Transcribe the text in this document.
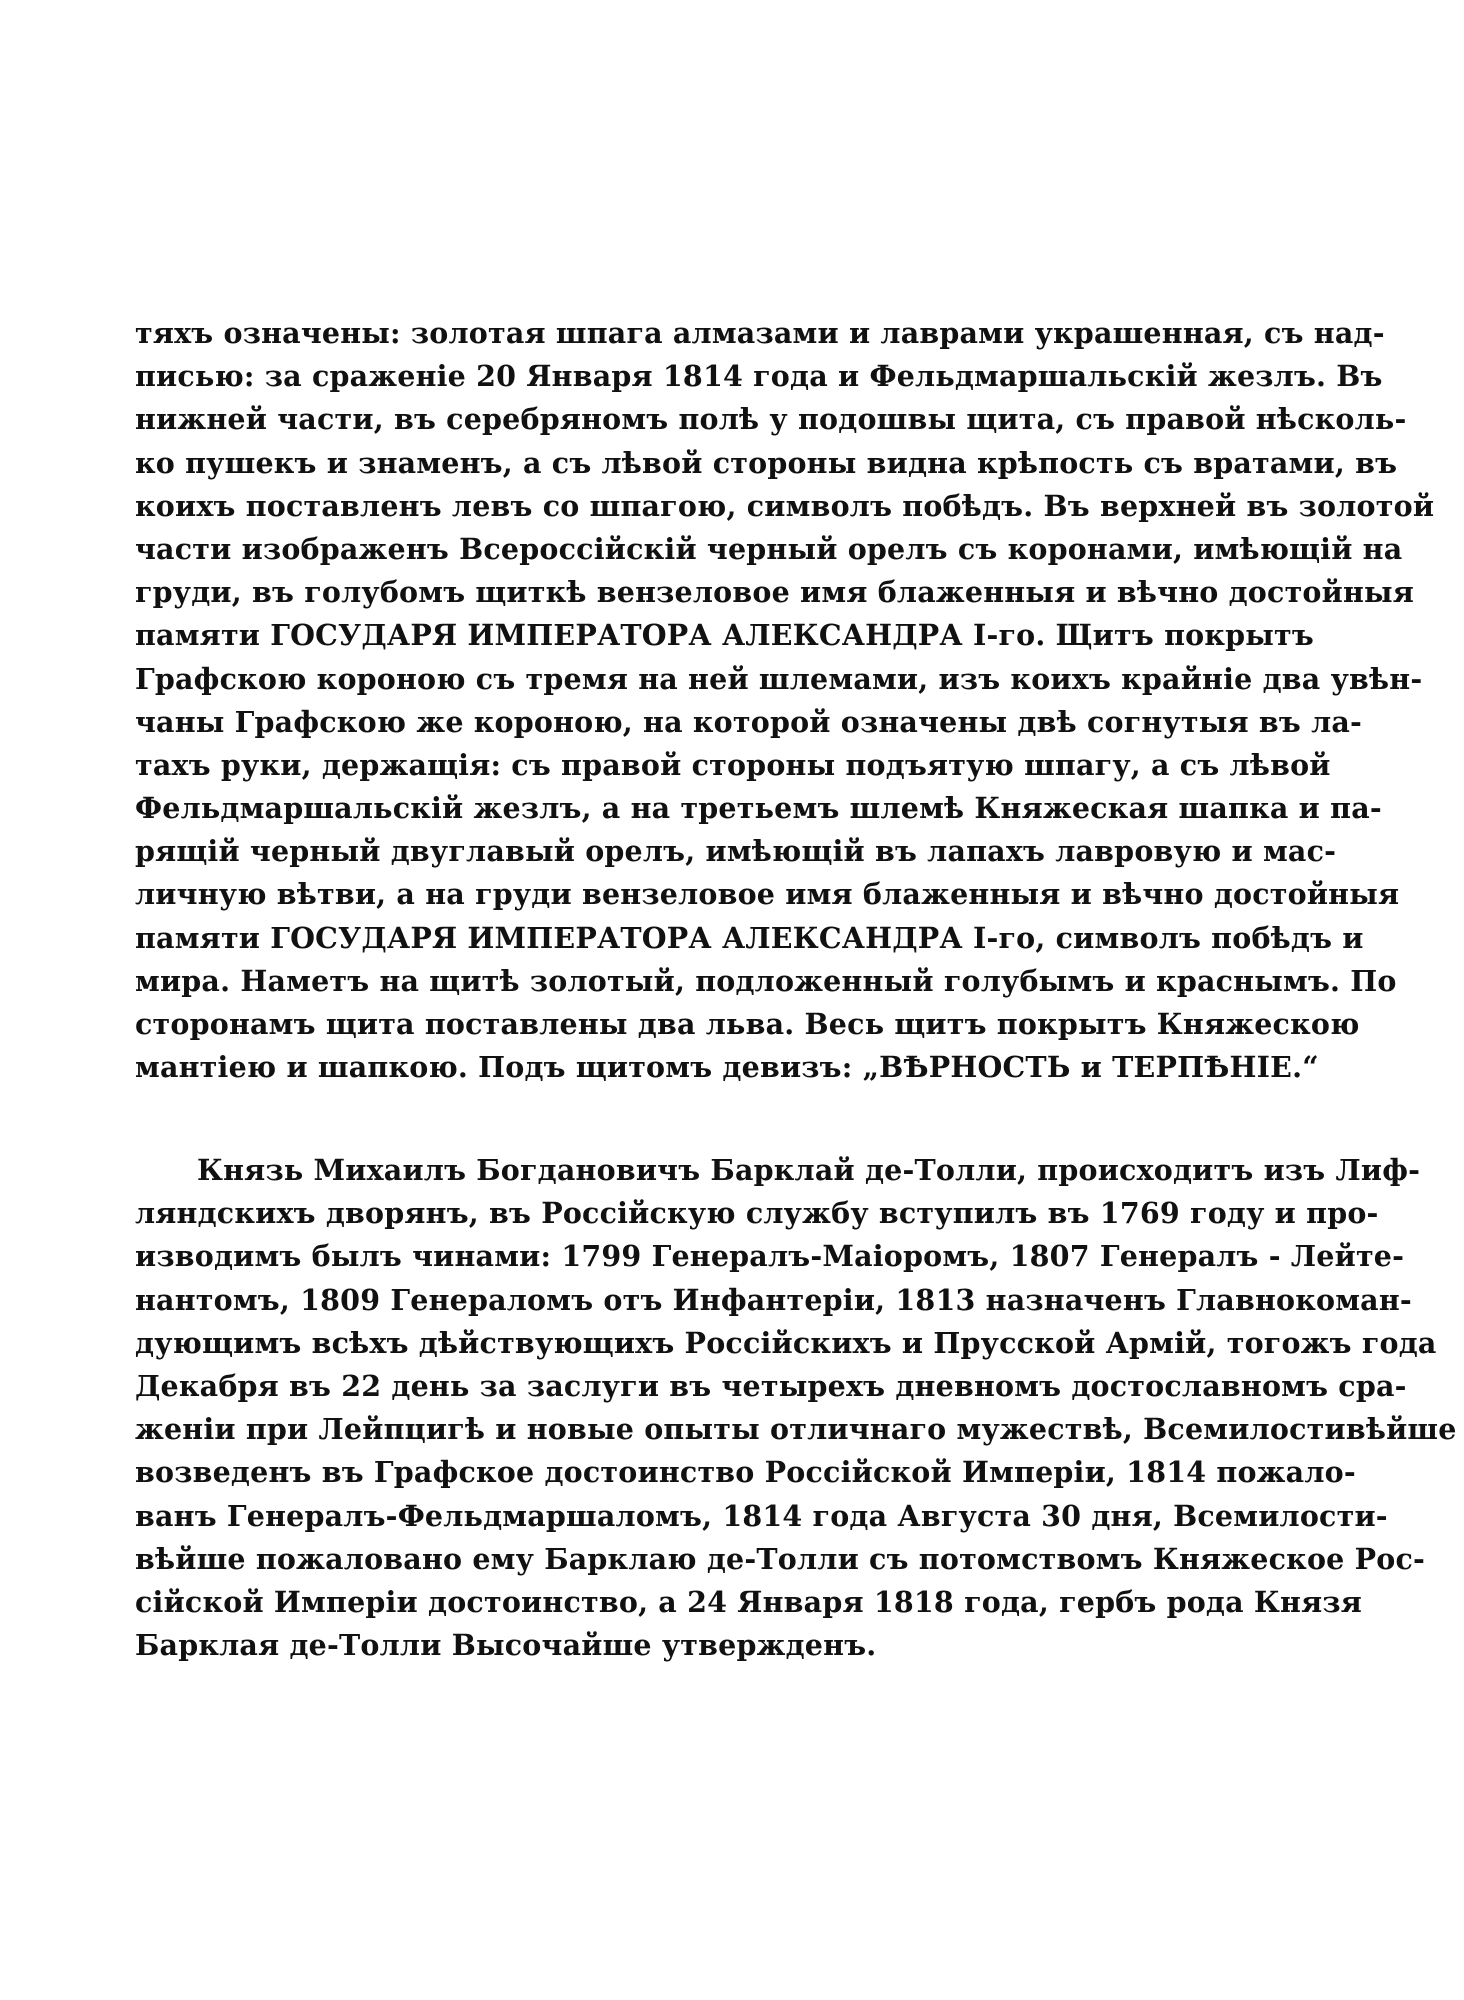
тяхъ означены: золотая шпага алмазами и лаврами украшенная, съ над-
писью: за сраженіе 20 Января 1814 года и Фельдмаршальскій жезлъ. Въ
нижней части, въ серебряномъ полѣ у подошвы щита, съ правой нѣсколь-
ко пушекъ и знаменъ, а съ лѣвой стороны видна крѣпость съ вратами, въ
коихъ поставленъ левъ со шпагою, символъ побѣдъ. Въ верхней въ золотой
части изображенъ Всероссійскій черный орелъ съ коронами, имѣющій на
груди, въ голубомъ щиткѣ вензеловое имя блаженныя и вѣчно достойныя
памяти ГОСУДАРЯ ИМПЕРАТОРА АЛЕКСАНДРА І-го. Щитъ покрытъ
Графскою короною съ тремя на ней шлемами, изъ коихъ крайніе два увѣн-
чаны Графскою же короною, на которой означены двѣ согнутыя въ ла-
тахъ руки, держащія: съ правой стороны подъятую шпагу, а съ лѣвой
Фельдмаршальскій жезлъ, а на третьемъ шлемѣ Княжеская шапка и па-
рящій черный двуглавый орелъ, имѣющій въ лапахъ лавровую и мас-
личную вѣтви, а на груди вензеловое имя блаженныя и вѣчно достойныя
памяти ГОСУДАРЯ ИМПЕРАТОРА АЛЕКСАНДРА І-го, символъ побѣдъ и
мира. Наметъ на щитѣ золотый, подложенный голубымъ и краснымъ. По
сторонамъ щита поставлены два льва. Весь щитъ покрытъ Княжескою
мантіею и шапкою. Подъ щитомъ девизъ: „ВѢРНОСТЬ и ТЕРПѢНІЕ.“
Князь Михаилъ Богдановичъ Барклай де-Толли, происходитъ изъ Лиф-
ляндскихъ дворянъ, въ Россійскую службу вступилъ въ 1769 году и про-
изводимъ былъ чинами: 1799 Генералъ-Маіоромъ, 1807 Генералъ - Лейте-
нантомъ, 1809 Генераломъ отъ Инфантеріи, 1813 назначенъ Главнокоман-
дующимъ всѣхъ дѣйствующихъ Россійскихъ и Прусской Армій, тогожъ года
Декабря въ 22 день за заслуги въ четырехъ дневномъ достославномъ сра-
женіи при Лейпцигѣ и новые опыты отличнаго мужествѣ, Всемилостивѣйше
возведенъ въ Графское достоинство Россійской Имперіи, 1814 пожало-
ванъ Генералъ-Фельдмаршаломъ, 1814 года Августа 30 дня, Всемилости-
вѣйше пожаловано ему Барклаю де-Толли съ потомствомъ Княжеское Рос-
сійской Имперіи достоинство, а 24 Января 1818 года, гербъ рода Князя
Барклая де-Толли Высочайше утвержденъ.
